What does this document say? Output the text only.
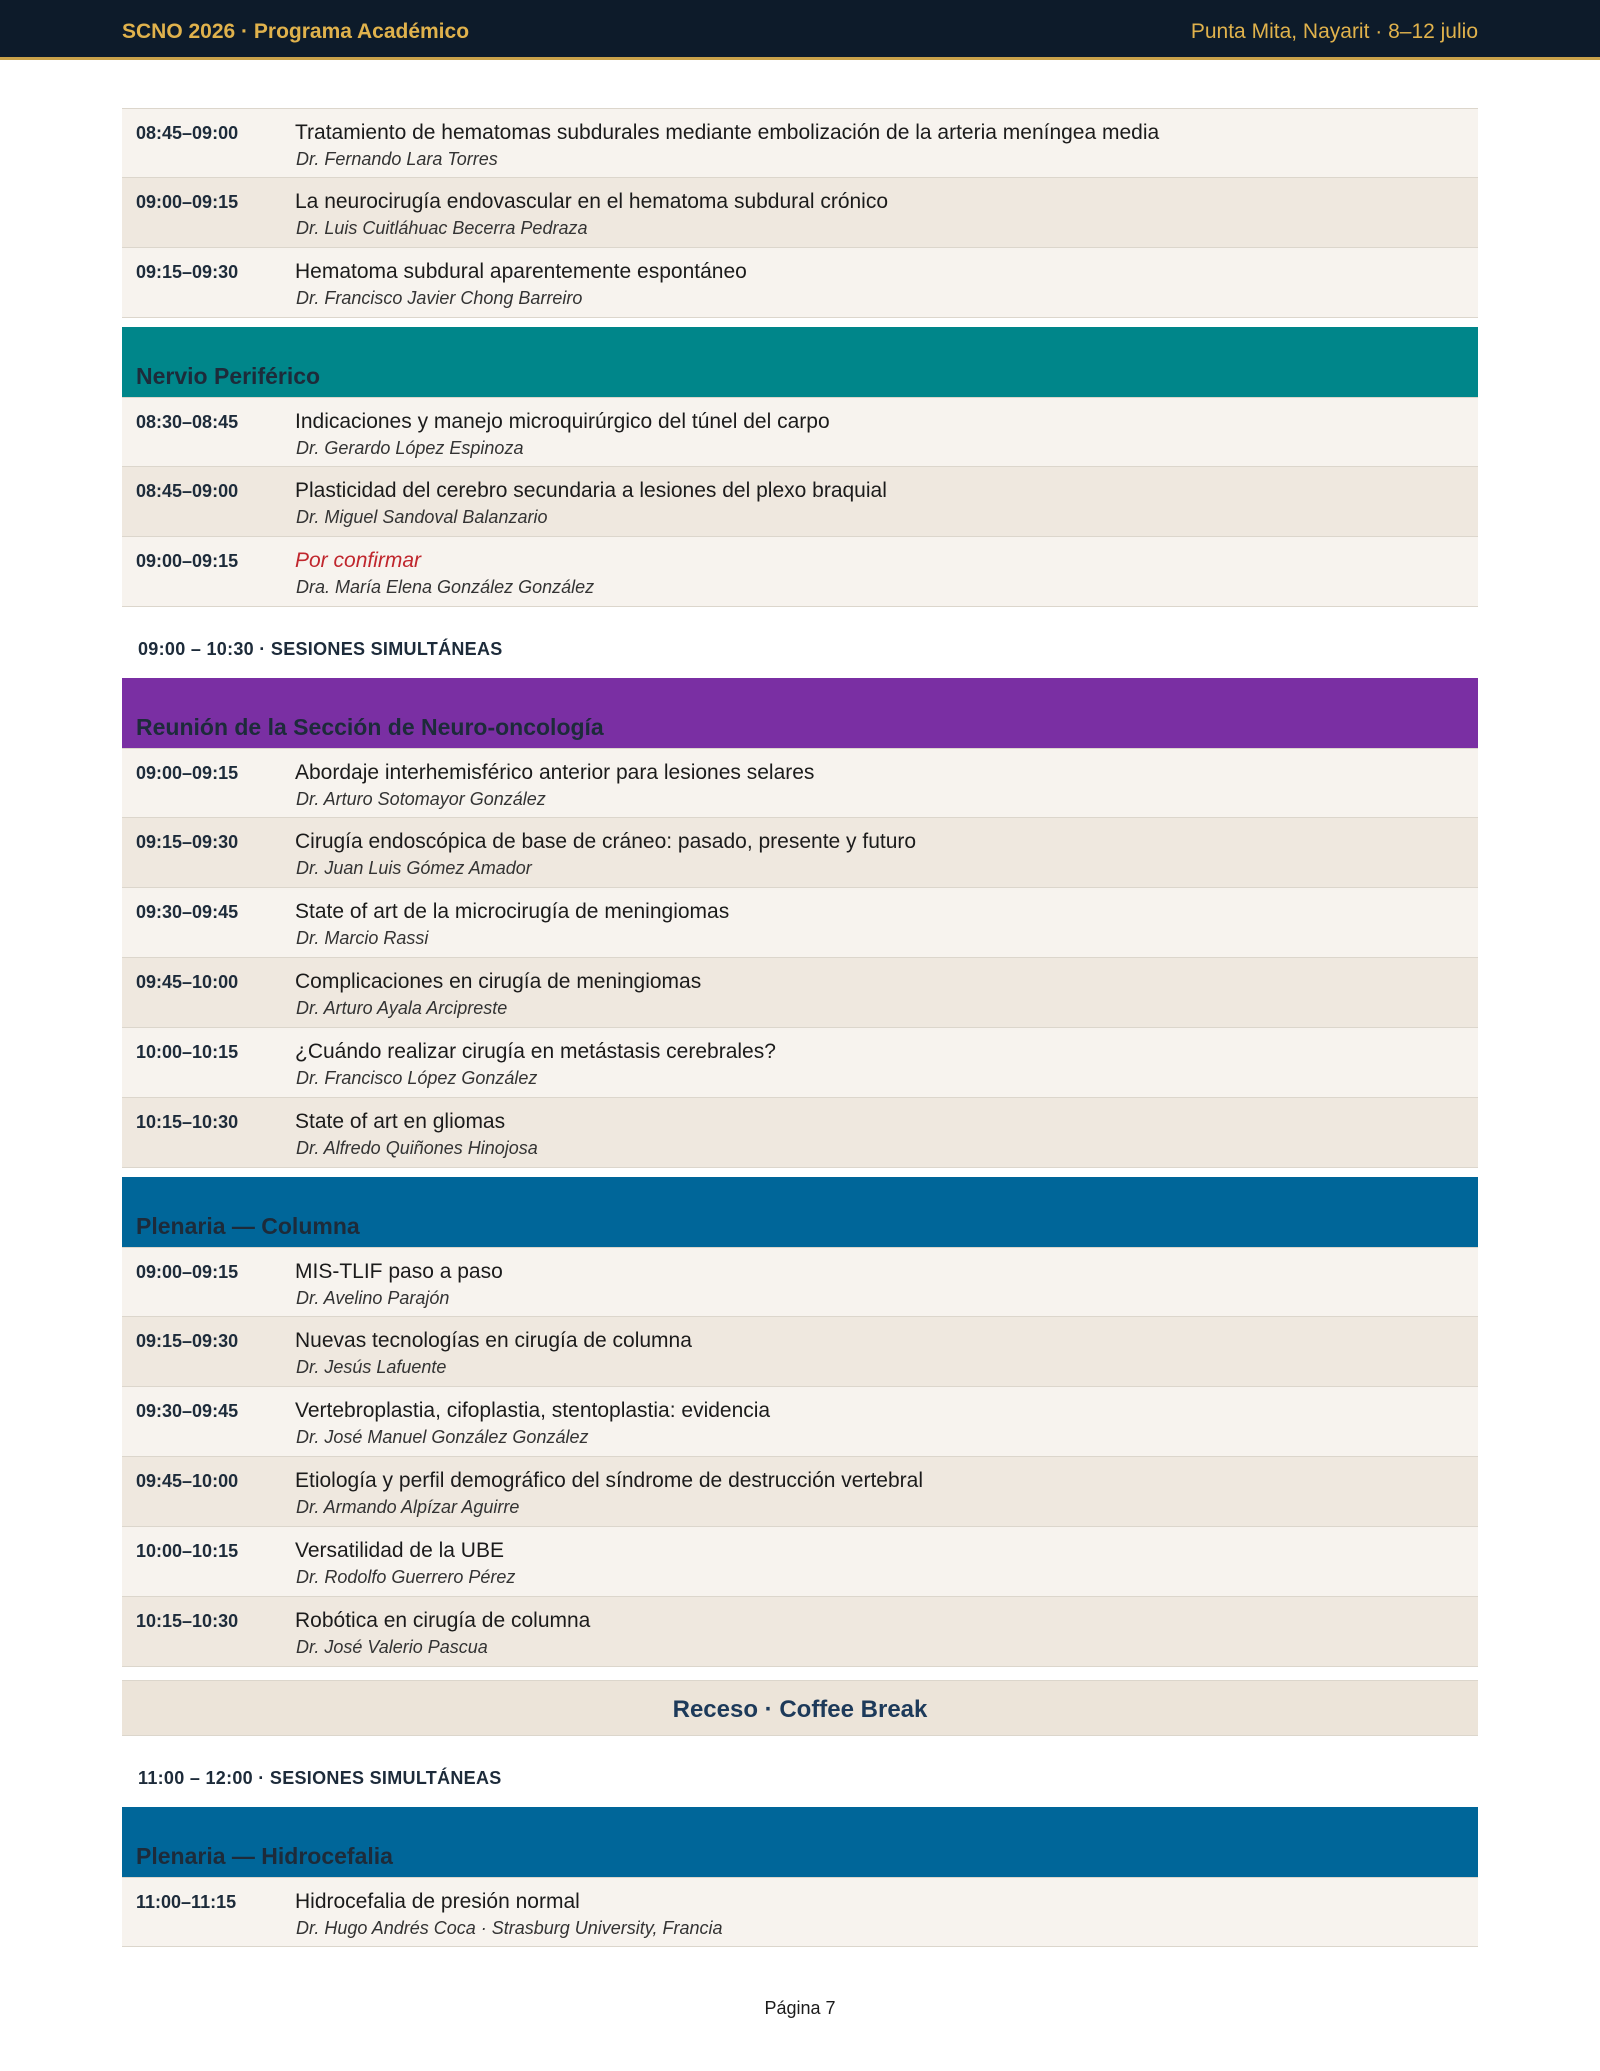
SCNO 2026 · Programa Académico	Punta Mita, Nayarit · 8–12 julio
08:45–09:00	Tratamiento de hematomas subdurales mediante embolización de la arteria meníngea media
Dr. Fernando Lara Torres
09:00–09:15	La neurocirugía endovascular en el hematoma subdural crónico
Dr. Luis Cuitláhuac Becerra Pedraza
09:15–09:30	Hematoma subdural aparentemente espontáneo
Dr. Francisco Javier Chong Barreiro
Nervio Periférico
08:30–08:45	Indicaciones y manejo microquirúrgico del túnel del carpo
Dr. Gerardo López Espinoza
08:45–09:00	Plasticidad del cerebro secundaria a lesiones del plexo braquial
Dr. Miguel Sandoval Balanzario
09:00–09:15	Por confirmar
Dra. María Elena González González
09:00 – 10:30 · SESIONES SIMULTÁNEAS
Reunión de la Sección de Neuro-oncología
09:00–09:15	Abordaje interhemisférico anterior para lesiones selares
Dr. Arturo Sotomayor González
09:15–09:30	Cirugía endoscópica de base de cráneo: pasado, presente y futuro
Dr. Juan Luis Gómez Amador
09:30–09:45	State of art de la microcirugía de meningiomas
Dr. Marcio Rassi
09:45–10:00	Complicaciones en cirugía de meningiomas
Dr. Arturo Ayala Arcipreste
10:00–10:15	¿Cuándo realizar cirugía en metástasis cerebrales?
Dr. Francisco López González
10:15–10:30	State of art en gliomas
Dr. Alfredo Quiñones Hinojosa
Plenaria — Columna
09:00–09:15	MIS-TLIF paso a paso
Dr. Avelino Parajón
09:15–09:30	Nuevas tecnologías en cirugía de columna
Dr. Jesús Lafuente
09:30–09:45	Vertebroplastia, cifoplastia, stentoplastia: evidencia
Dr. José Manuel González González
09:45–10:00	Etiología y perfil demográfico del síndrome de destrucción vertebral
Dr. Armando Alpízar Aguirre
10:00–10:15	Versatilidad de la UBE
Dr. Rodolfo Guerrero Pérez
10:15–10:30	Robótica en cirugía de columna
Dr. José Valerio Pascua
Receso · Coffee Break
11:00 – 12:00 · SESIONES SIMULTÁNEAS
Plenaria — Hidrocefalia
11:00–11:15	Hidrocefalia de presión normal
Dr. Hugo Andrés Coca · Strasburg University, Francia
Página 7
